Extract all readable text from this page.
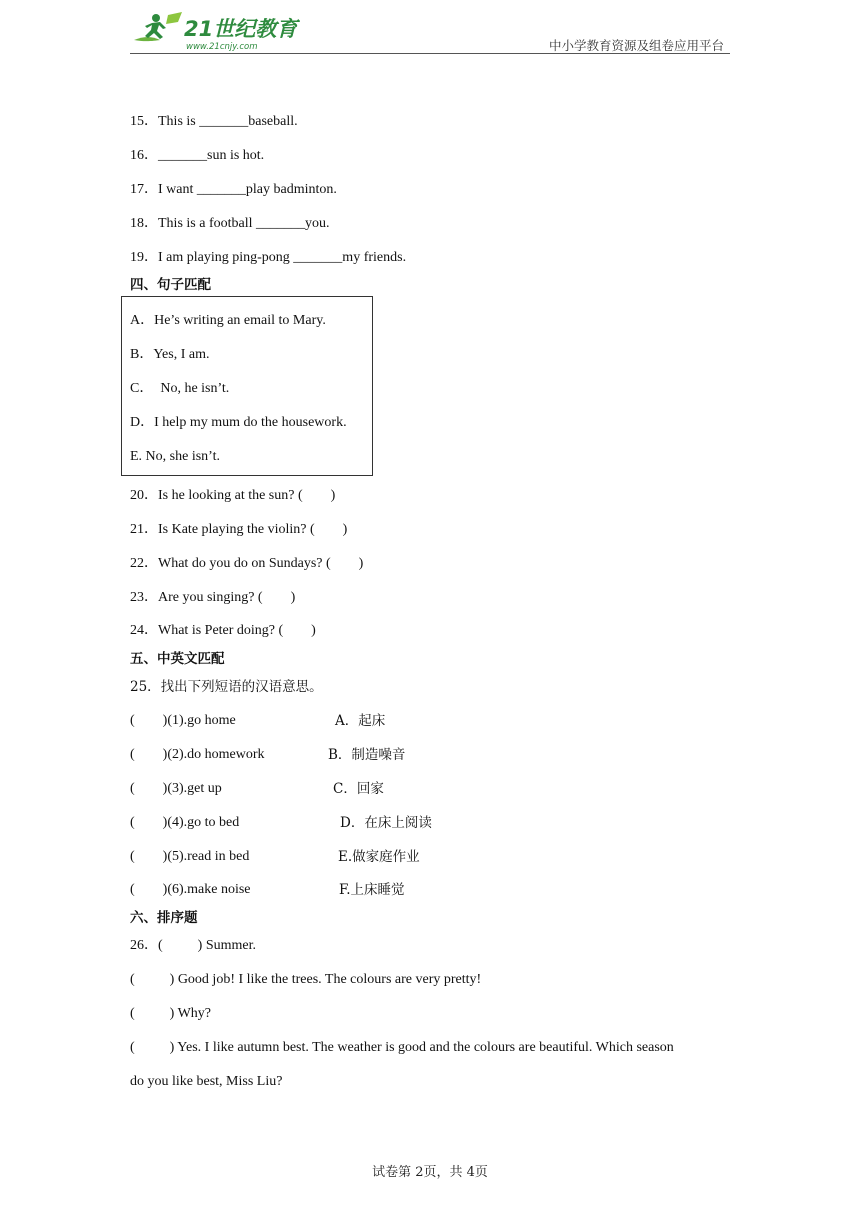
21世纪教育
www.21cnjy.com	中小学教育资源及组卷应用平台
15．This is _______baseball.
16．_______sun is hot.
17．I want _______play badminton.
18．This is a football _______you.
19．I am playing ping-pong _______my friends.
四、句子匹配
A．He’s writing an email to Mary.
B．Yes, I am.
C．  No, he isn’t.
D．I help my mum do the housework.
E. No, she isn’t.
20．Is he looking at the sun? (        )
21．Is Kate playing the violin? (        )
22．What do you do on Sundays? (        )
23．Are you singing? (        )
24．What is Peter doing? (        )
五、中英文匹配
25．找出下列短语的汉语意思。
(        )(1).go home	A．起床
(        )(2).do homework	B．制造噪音
(        )(3).get up	C．回家
(        )(4).go to bed	D．在床上阅读
(        )(5).read in bed	E.做家庭作业
(        )(6).make noise	F.上床睡觉
六、排序题
26．(          ) Summer.
(          ) Good job! I like the trees. The colours are very pretty!
(          ) Why?
(          ) Yes. I like autumn best. The weather is good and the colours are beautiful. Which season
do you like best, Miss Liu?
试卷第 2页，共 4页
